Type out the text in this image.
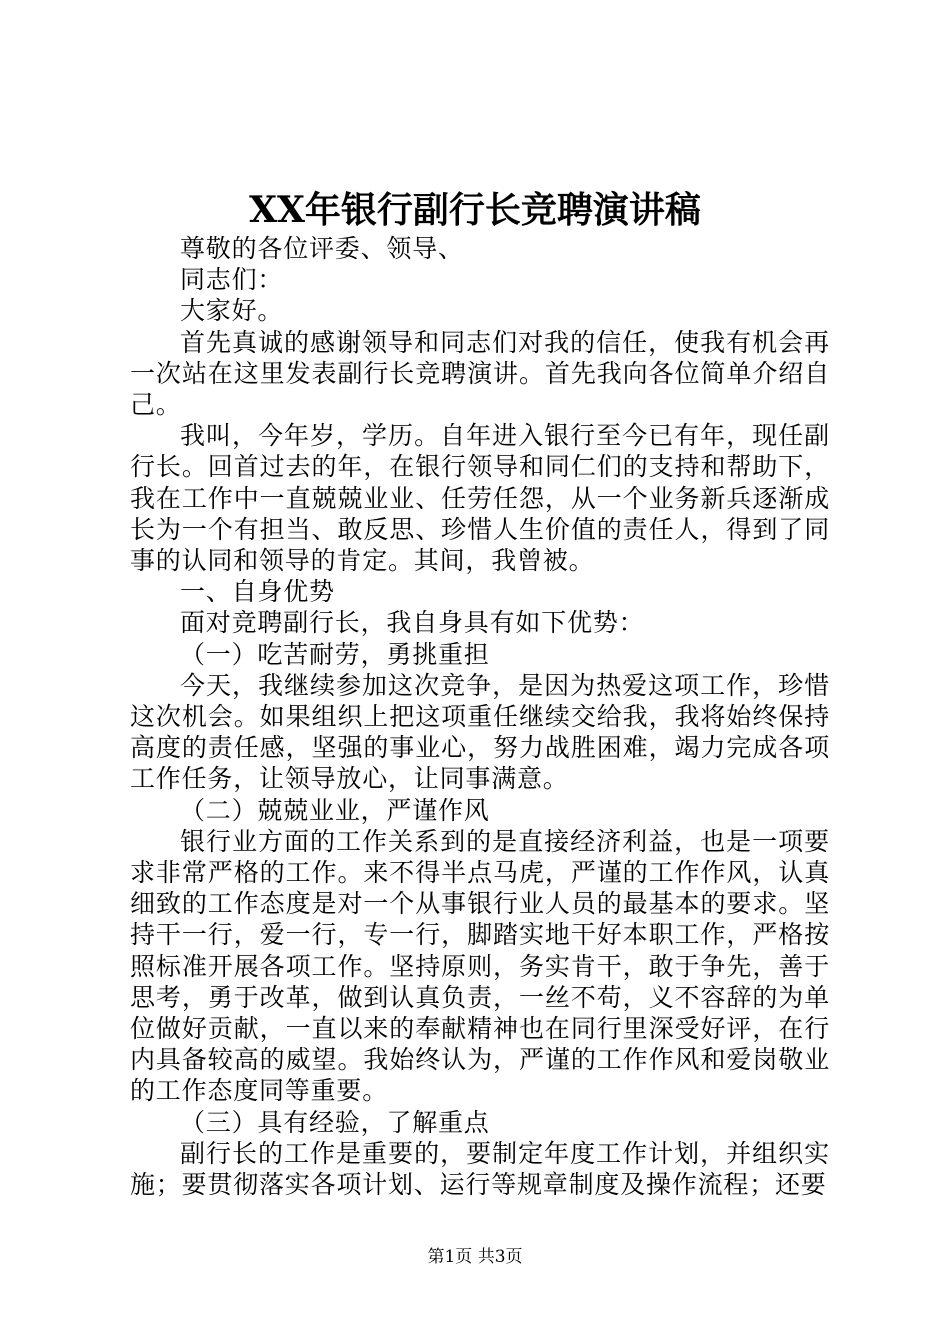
XX年银行副行长竞聘演讲稿

尊敬的各位评委、领导、

同志们：

大家好。

首先真诚的感谢领导和同志们对我的信任，使我有机会再一次站在这里发表副行长竞聘演讲。首先我向各位简单介绍自己。

我叫，今年岁，学历。自年进入银行至今已有年，现任副行长。回首过去的年，在银行领导和同仁们的支持和帮助下，我在工作中一直兢兢业业、任劳任怨，从一个业务新兵逐渐成长为一个有担当、敢反思、珍惜人生价值的责任人，得到了同事的认同和领导的肯定。其间，我曾被。

一、自身优势

面对竞聘副行长，我自身具有如下优势：

（一）吃苦耐劳，勇挑重担

今天，我继续参加这次竞争，是因为热爱这项工作，珍惜这次机会。如果组织上把这项重任继续交给我，我将始终保持高度的责任感，坚强的事业心，努力战胜困难，竭力完成各项工作任务，让领导放心，让同事满意。

（二）兢兢业业，严谨作风

银行业方面的工作关系到的是直接经济利益，也是一项要求非常严格的工作。来不得半点马虎，严谨的工作作风，认真细致的工作态度是对一个从事银行业人员的最基本的要求。坚持干一行，爱一行，专一行，脚踏实地干好本职工作，严格按照标准开展各项工作。坚持原则，务实肯干，敢于争先，善于思考，勇于改革，做到认真负责，一丝不苟，义不容辞的为单位做好贡献，一直以来的奉献精神也在同行里深受好评，在行内具备较高的威望。我始终认为，严谨的工作作风和爱岗敬业的工作态度同等重要。

（三）具有经验，了解重点

副行长的工作是重要的，要制定年度工作计划，并组织实施；要贯彻落实各项计划、运行等规章制度及操作流程；还要

第1页 共3页
